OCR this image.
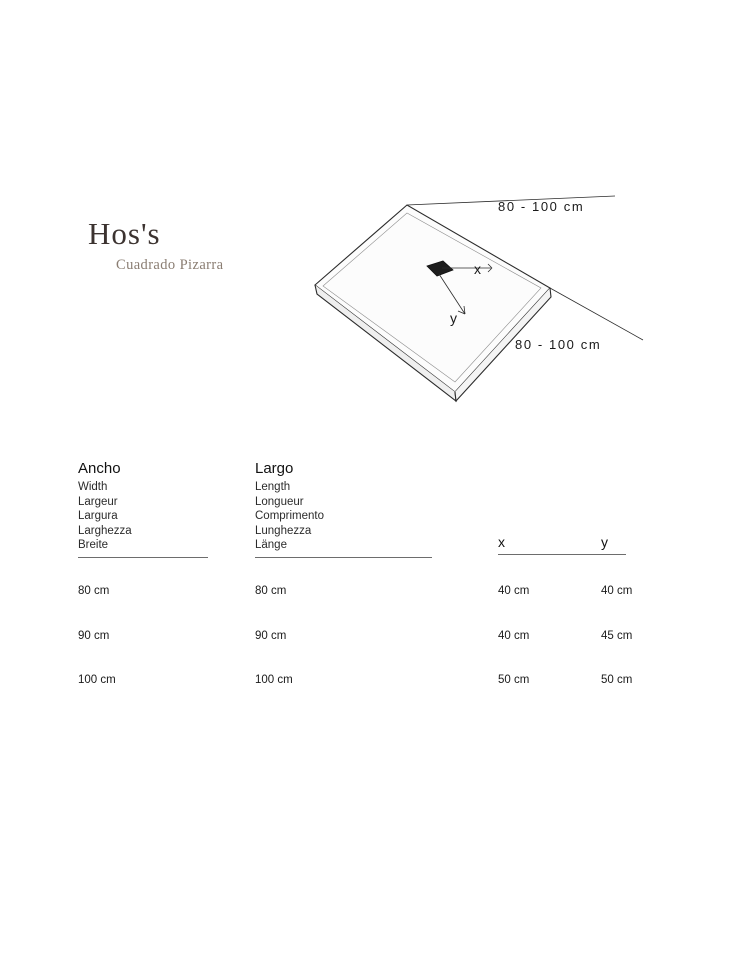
Hos's
Cuadrado Pizarra
80 - 100 cm
80 - 100 cm
x
y
Ancho
Width
Largeur
Largura
Larghezza
Breite
Largo
Length
Longueur
Comprimento
Lunghezza
Länge	x	y
80 cm	80 cm	40 cm	40 cm
90 cm	90 cm	40 cm	45 cm
100 cm	100 cm	50 cm	50 cm
